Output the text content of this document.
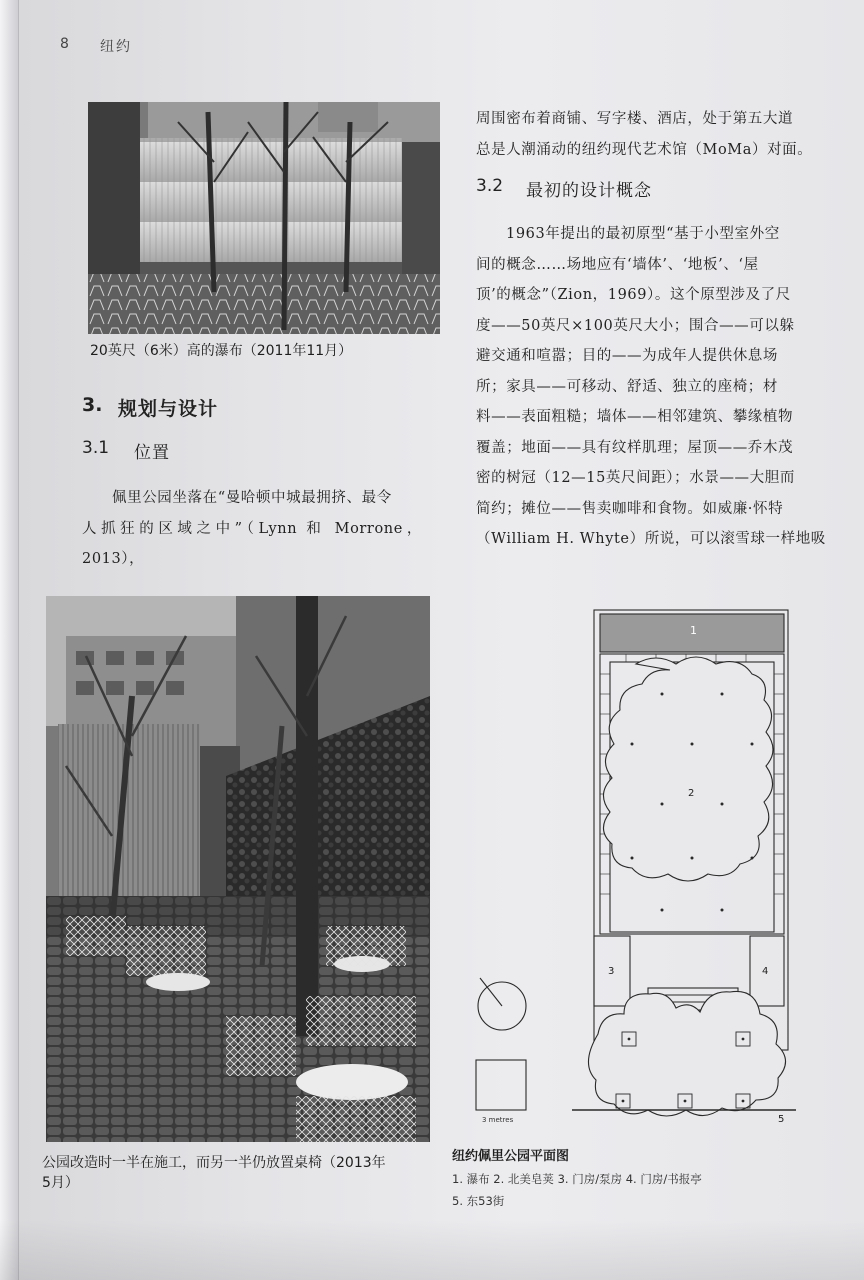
8 纽约
20英尺（6米）高的瀑布（2011年11月）
3. 规划与设计
3.1 位置
佩里公园坐落在“曼哈顿中城最拥挤、最令
人抓狂的区域之中”（Lynn 和 Morrone，2013），
周围密布着商铺、写字楼、酒店，处于第五大道
总是人潮涌动的纽约现代艺术馆（MoMa）对面。
3.2 最初的设计概念
1963年提出的最初原型“基于小型室外空
间的概念……场地应有‘墙体’、‘地板’、‘屋
顶’的概念”（Zion，1969）。这个原型涉及了尺
度——50英尺×100英尺大小；围合——可以躲
避交通和喧嚣；目的——为成年人提供休息场
所；家具——可移动、舒适、独立的座椅；材
料——表面粗糙；墙体——相邻建筑、攀缘植物
覆盖；地面——具有纹样肌理；屋顶——乔木茂
密的树冠（12—15英尺间距）；水景——大胆而
简约；摊位——售卖咖啡和食物。如威廉·怀特
（William H. Whyte）所说，可以滚雪球一样地吸
公园改造时一半在施工，而另一半仍放置桌椅（2013年
5月）
1
2
3	4
5
3 metres
纽约佩里公园平面图
1. 瀑布 2. 北美皂荚 3. 门房/泵房 4. 门房/书报亭
5. 东53街
